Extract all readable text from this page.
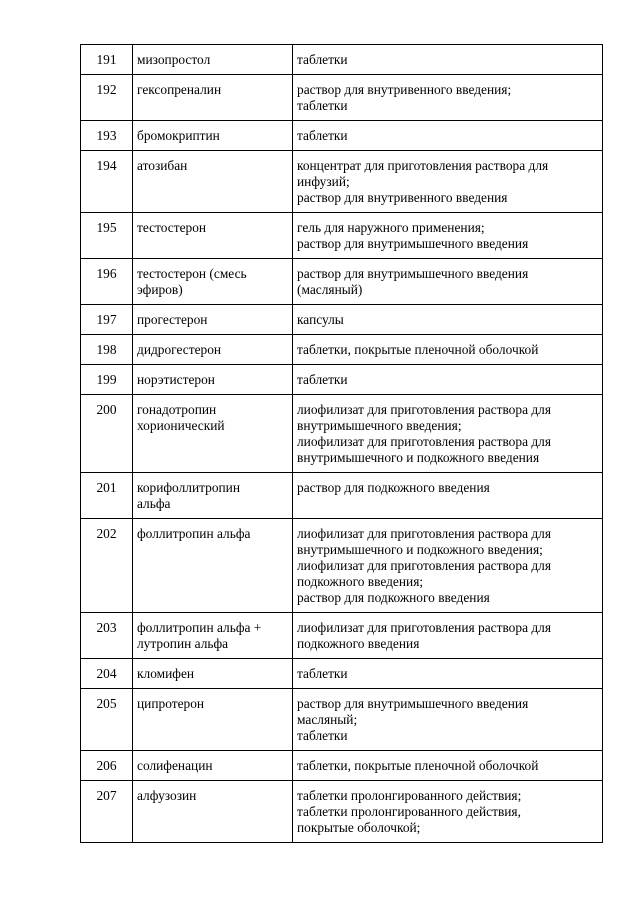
191	мизопростол	таблетки

192	гексопреналин	раствор для внутривенного введения;
таблетки

193	бромокриптин	таблетки

194	атозибан	концентрат для приготовления раствора для
инфузий;
раствор для внутривенного введения

195	тестостерон	гель для наружного применения;
раствор для внутримышечного введения

196	тестостерон (смесь
эфиров)	раствор для внутримышечного введения
(масляный)

197	прогестерон	капсулы

198	дидрогестерон	таблетки, покрытые пленочной оболочкой

199	норэтистерон	таблетки

200	гонадотропин
хорионический	лиофилизат для приготовления раствора для
внутримышечного введения;
лиофилизат для приготовления раствора для
внутримышечного и подкожного введения

201	корифоллитропин
альфа	раствор для подкожного введения

202	фоллитропин альфа	лиофилизат для приготовления раствора для
внутримышечного и подкожного введения;
лиофилизат для приготовления раствора для
подкожного введения;
раствор для подкожного введения

203	фоллитропин альфа +
лутропин альфа	лиофилизат для приготовления раствора для
подкожного введения

204	кломифен	таблетки

205	ципротерон	раствор для внутримышечного введения
масляный;
таблетки

206	солифенацин	таблетки, покрытые пленочной оболочкой

207	алфузозин	таблетки пролонгированного действия;
таблетки пролонгированного действия,
покрытые оболочкой;
